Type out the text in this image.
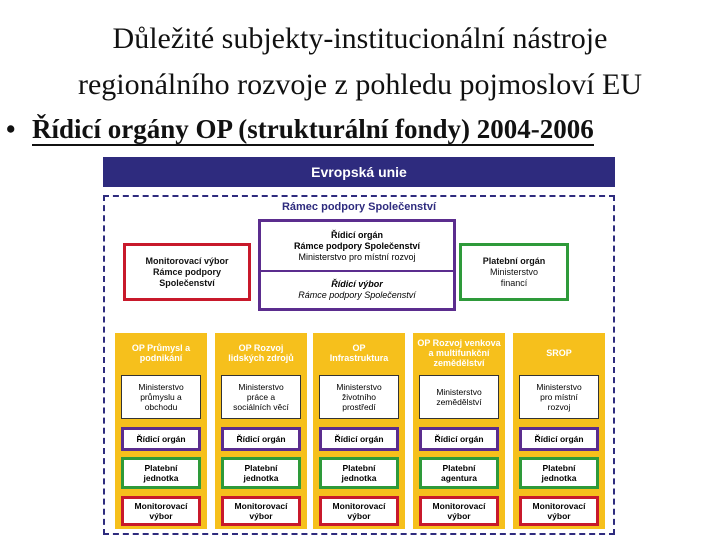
Důležité subjekty-institucionální nástroje
regionálního rozvoje z pohledu pojmosloví EU
• Řídicí orgány OP (strukturální fondy) 2004-2006
Evropská unie
Rámec podpory Společenství
Monitorovací výbor
Rámce podpory
Společenství
Řídicí orgán
Rámce podpory Společenství
Ministerstvo pro místní rozvoj
Řídicí výbor
Rámce podpory Společenství
Platební orgán
Ministerstvo
financí
OP Průmysl a
podnikání
Ministerstvo
průmyslu a
obchodu
Řídicí orgán
Platební
jednotka
Monitorovací
výbor
OP Rozvoj
lidských zdrojů
Ministerstvo
práce a
sociálních věcí
Řídicí orgán
Platební
jednotka
Monitorovací
výbor
OP
Infrastruktura
Ministerstvo
životního
prostředí
Řídicí orgán
Platební
jednotka
Monitorovací
výbor
OP Rozvoj venkova
a multifunkční
zemědělství
Ministerstvo
zemědělství
Řídicí orgán
Platební
agentura
Monitorovací
výbor
SROP
Ministerstvo
pro místní
rozvoj
Řídicí orgán
Platební
jednotka
Monitorovací
výbor
